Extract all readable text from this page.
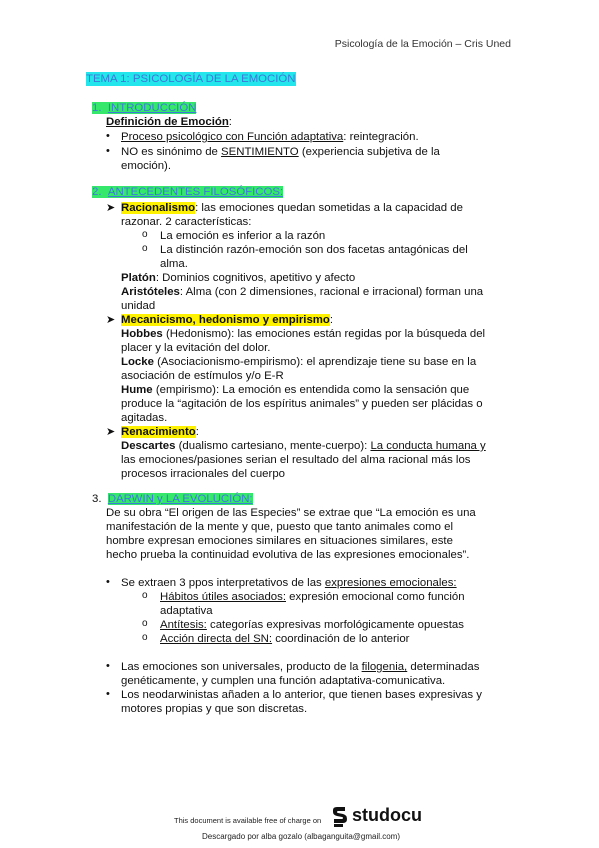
Psicología de la Emoción – Cris Uned
TEMA 1: PSICOLOGÍA DE LA EMOCIÓN
1. INTRODUCCIÓN
Definición de Emoción:
• Proceso psicológico con Función adaptativa: reintegración.
• NO es sinónimo de SENTIMIENTO (experiencia subjetiva de la
emoción).
2. ANTECEDENTES FILOSÓFICOS:
➤ Racionalismo: las emociones quedan sometidas a la capacidad de
razonar. 2 características:
o La emoción es inferior a la razón
o La distinción razón-emoción son dos facetas antagónicas del
alma.
Platón: Dominios cognitivos, apetitivo y afecto
Aristóteles: Alma (con 2 dimensiones, racional e irracional) forman una
unidad
➤ Mecanicismo, hedonismo y empirismo:
Hobbes (Hedonismo): las emociones están regidas por la búsqueda del
placer y la evitación del dolor.
Locke (Asociacionismo-empirismo): el aprendizaje tiene su base en la
asociación de estímulos y/o E-R
Hume (empirismo): La emoción es entendida como la sensación que
produce la “agitación de los espíritus animales” y pueden ser plácidas o
agitadas.
➤ Renacimiento:
Descartes (dualismo cartesiano, mente-cuerpo): La conducta humana y
las emociones/pasiones serian el resultado del alma racional más los
procesos irracionales del cuerpo
3. DARWIN y LA EVOLUCIÓN:
De su obra “El origen de las Especies” se extrae que “La emoción es una
manifestación de la mente y que, puesto que tanto animales como el
hombre expresan emociones similares en situaciones similares, este
hecho prueba la continuidad evolutiva de las expresiones emocionales”.
• Se extraen 3 ppos interpretativos de las expresiones emocionales:
o Hábitos útiles asociados: expresión emocional como función
adaptativa
o Antítesis: categorías expresivas morfológicamente opuestas
o Acción directa del SN: coordinación de lo anterior
• Las emociones son universales, producto de la filogenia, determinadas
genéticamente, y cumplen una función adaptativa-comunicativa.
• Los neodarwinistas añaden a lo anterior, que tienen bases expresivas y
motores propias y que son discretas.
This document is available free of charge on studocu
Descargado por alba gozalo (albaganguita@gmail.com)
